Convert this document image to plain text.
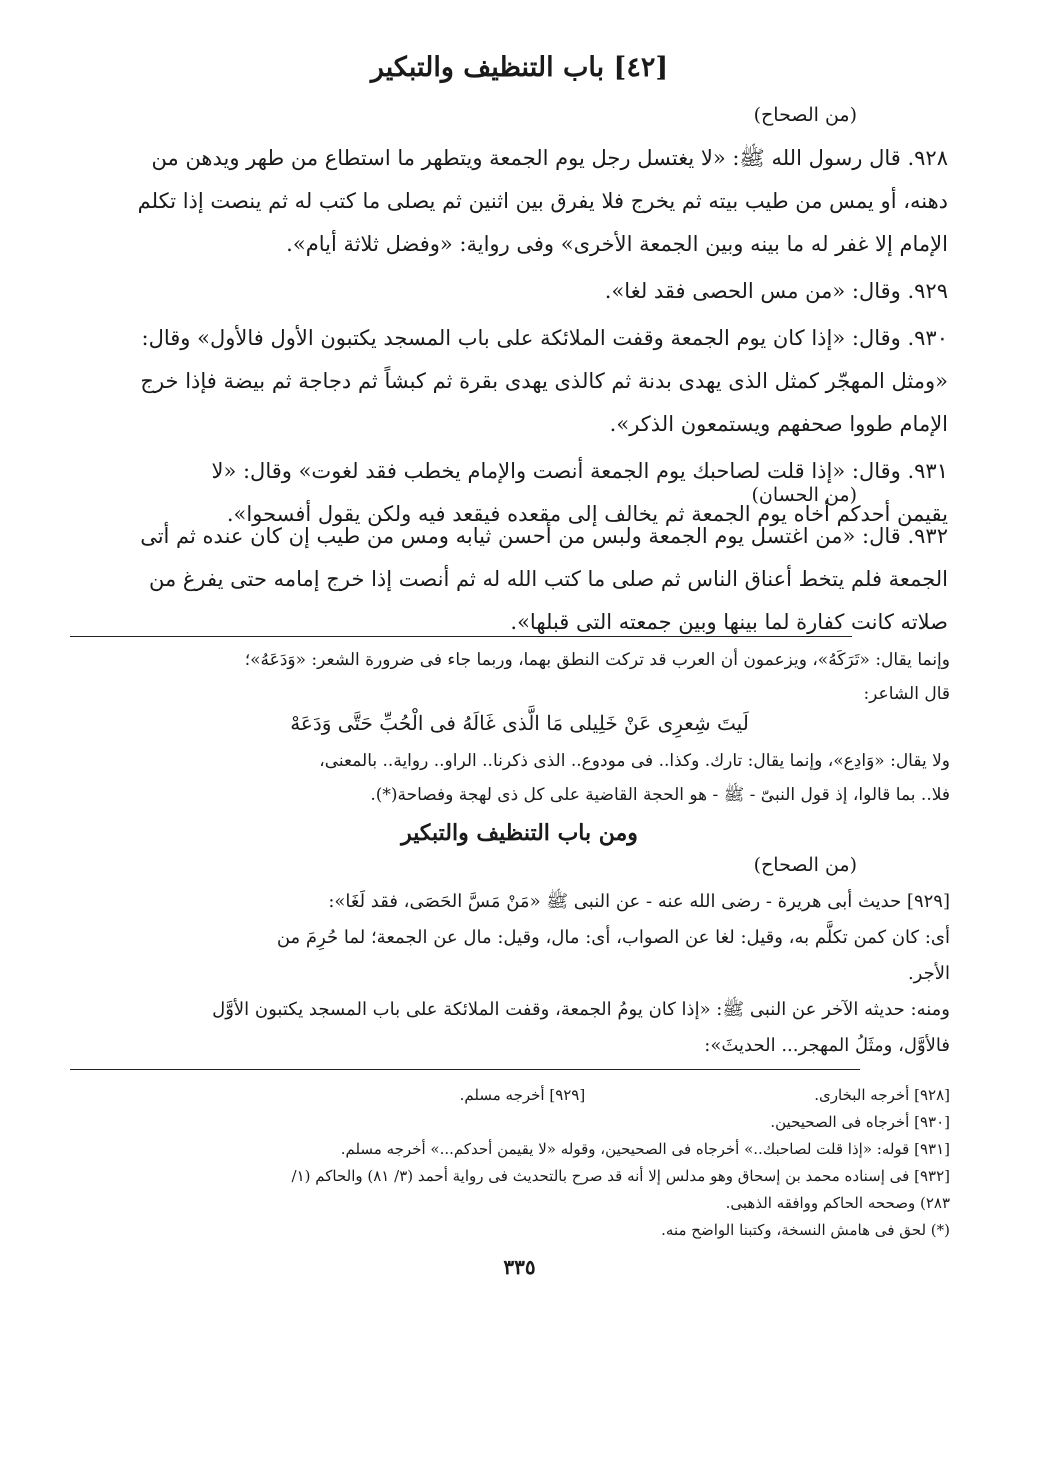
[٤٢] باب التنظيف والتبكير
(من الصحاح)

٩٢٨. قال رسول الله ﷺ: «لا يغتسل رجل يوم الجمعة ويتطهر ما استطاع من طهر ويدهن من

دهنه، أو يمس من طيب بيته ثم يخرج فلا يفرق بين اثنين ثم يصلى ما كتب له ثم ينصت إذا تكلم

الإمام إلا غفر له ما بينه وبين الجمعة الأخرى» وفى رواية: «وفضل ثلاثة أيام».

٩٢٩. وقال: «من مس الحصى فقد لغا».

٩٣٠. وقال: «إذا كان يوم الجمعة وقفت الملائكة على باب المسجد يكتبون الأول فالأول» وقال:

«ومثل المهجّر كمثل الذى يهدى بدنة ثم كالذى يهدى بقرة ثم كبشاً ثم دجاجة ثم بيضة فإذا خرج

الإمام طووا صحفهم ويستمعون الذكر».

٩٣١. وقال: «إذا قلت لصاحبك يوم الجمعة أنصت والإمام يخطب فقد لغوت» وقال: «لا

يقيمن أحدكم أخاه يوم الجمعة ثم يخالف إلى مقعده فيقعد فيه ولكن يقول أفسحوا».

(من الحسان)

٩٣٢. قال: «من اغتسل يوم الجمعة ولبس من أحسن ثيابه ومس من طيب إن كان عنده ثم أتى

الجمعة فلم يتخط أعناق الناس ثم صلى ما كتب الله له ثم أنصت إذا خرج إمامه حتى يفرغ من

صلاته كانت كفارة لما بينها وبين جمعته التى قبلها».

وإنما يقال: «تَرَكَهُ»، ويزعمون أن العرب قد تركت النطق بهما، وربما جاء فى ضرورة الشعر: «وَدَعَهُ»؛

قال الشاعر:

لَيتَ شِعرِى عَنْ خَلِيلى مَا الَّذى غَالَهُ فى الْحُبِّ حَتَّى وَدَعَهْ

ولا يقال: «وَادِع»، وإنما يقال: تارك. وكذا.. فى مودوع.. الذى ذكرنا.. الراو.. رواية.. بالمعنى،

فلا.. بما قالوا، إذ قول النبىّ - ﷺ - هو الحجة القاضية على كل ذى لهجة وفصاحة(*).

ومن باب التنظيف والتبكير
(من الصحاح)

[٩٢٩] حديث أبى هريرة - رضى الله عنه - عن النبى ﷺ «مَنْ مَسَّ الحَصَى، فقد لَغَا»:

أى: كان كمن تكلَّم به، وقيل: لغا عن الصواب، أى: مال، وقيل: مال عن الجمعة؛ لما حُرِمَ من

الأجر.

ومنه: حديثه الآخر عن النبى ﷺ: «إذا كان يومُ الجمعة، وقفت الملائكة على باب المسجد يكتبون الأوَّل

فالأوَّل، ومثَلُ المهجر... الحديثَ»:

[٩٢٨] أخرجه البخارى. [٩٢٩] أخرجه مسلم.

[٩٣٠] أخرجاه فى الصحيحين.

[٩٣١] قوله: «إذا قلت لصاحبك..» أخرجاه فى الصحيحين، وقوله «لا يقيمن أحدكم...» أخرجه مسلم.

[٩٣٢] فى إسناده محمد بن إسحاق وهو مدلس إلا أنه قد صرح بالتحديث فى رواية أحمد (٣/ ٨١) والحاكم (١/

٢٨٣) وصححه الحاكم ووافقه الذهبى.

(*) لحق فى هامش النسخة، وكتبنا الواضح منه.

٣٣٥
